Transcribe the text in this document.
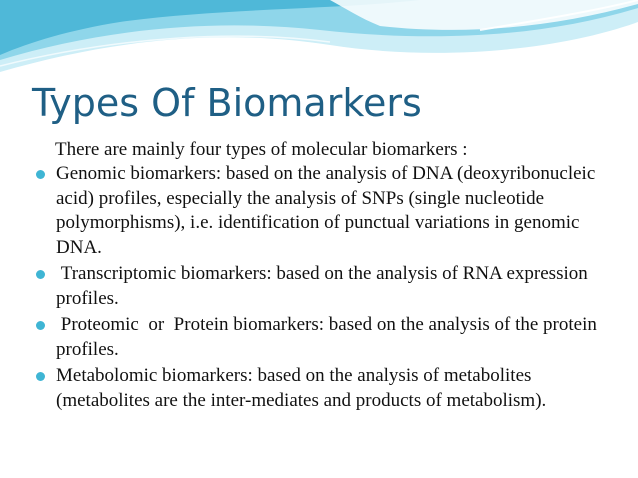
Types Of Biomarkers

There are mainly four types of molecular biomarkers :

Genomic biomarkers: based on the analysis of DNA (deoxyribonucleic acid) profiles, especially the analysis of SNPs (single nucleotide polymorphisms), i.e. identification of punctual variations in genomic DNA.
Transcriptomic biomarkers: based on the analysis of RNA expression profiles.
Proteomic  or  Protein biomarkers: based on the analysis of the protein  profiles.
Metabolomic biomarkers: based on the analysis of metabolites (metabolites are the inter-mediates and products of metabolism).
